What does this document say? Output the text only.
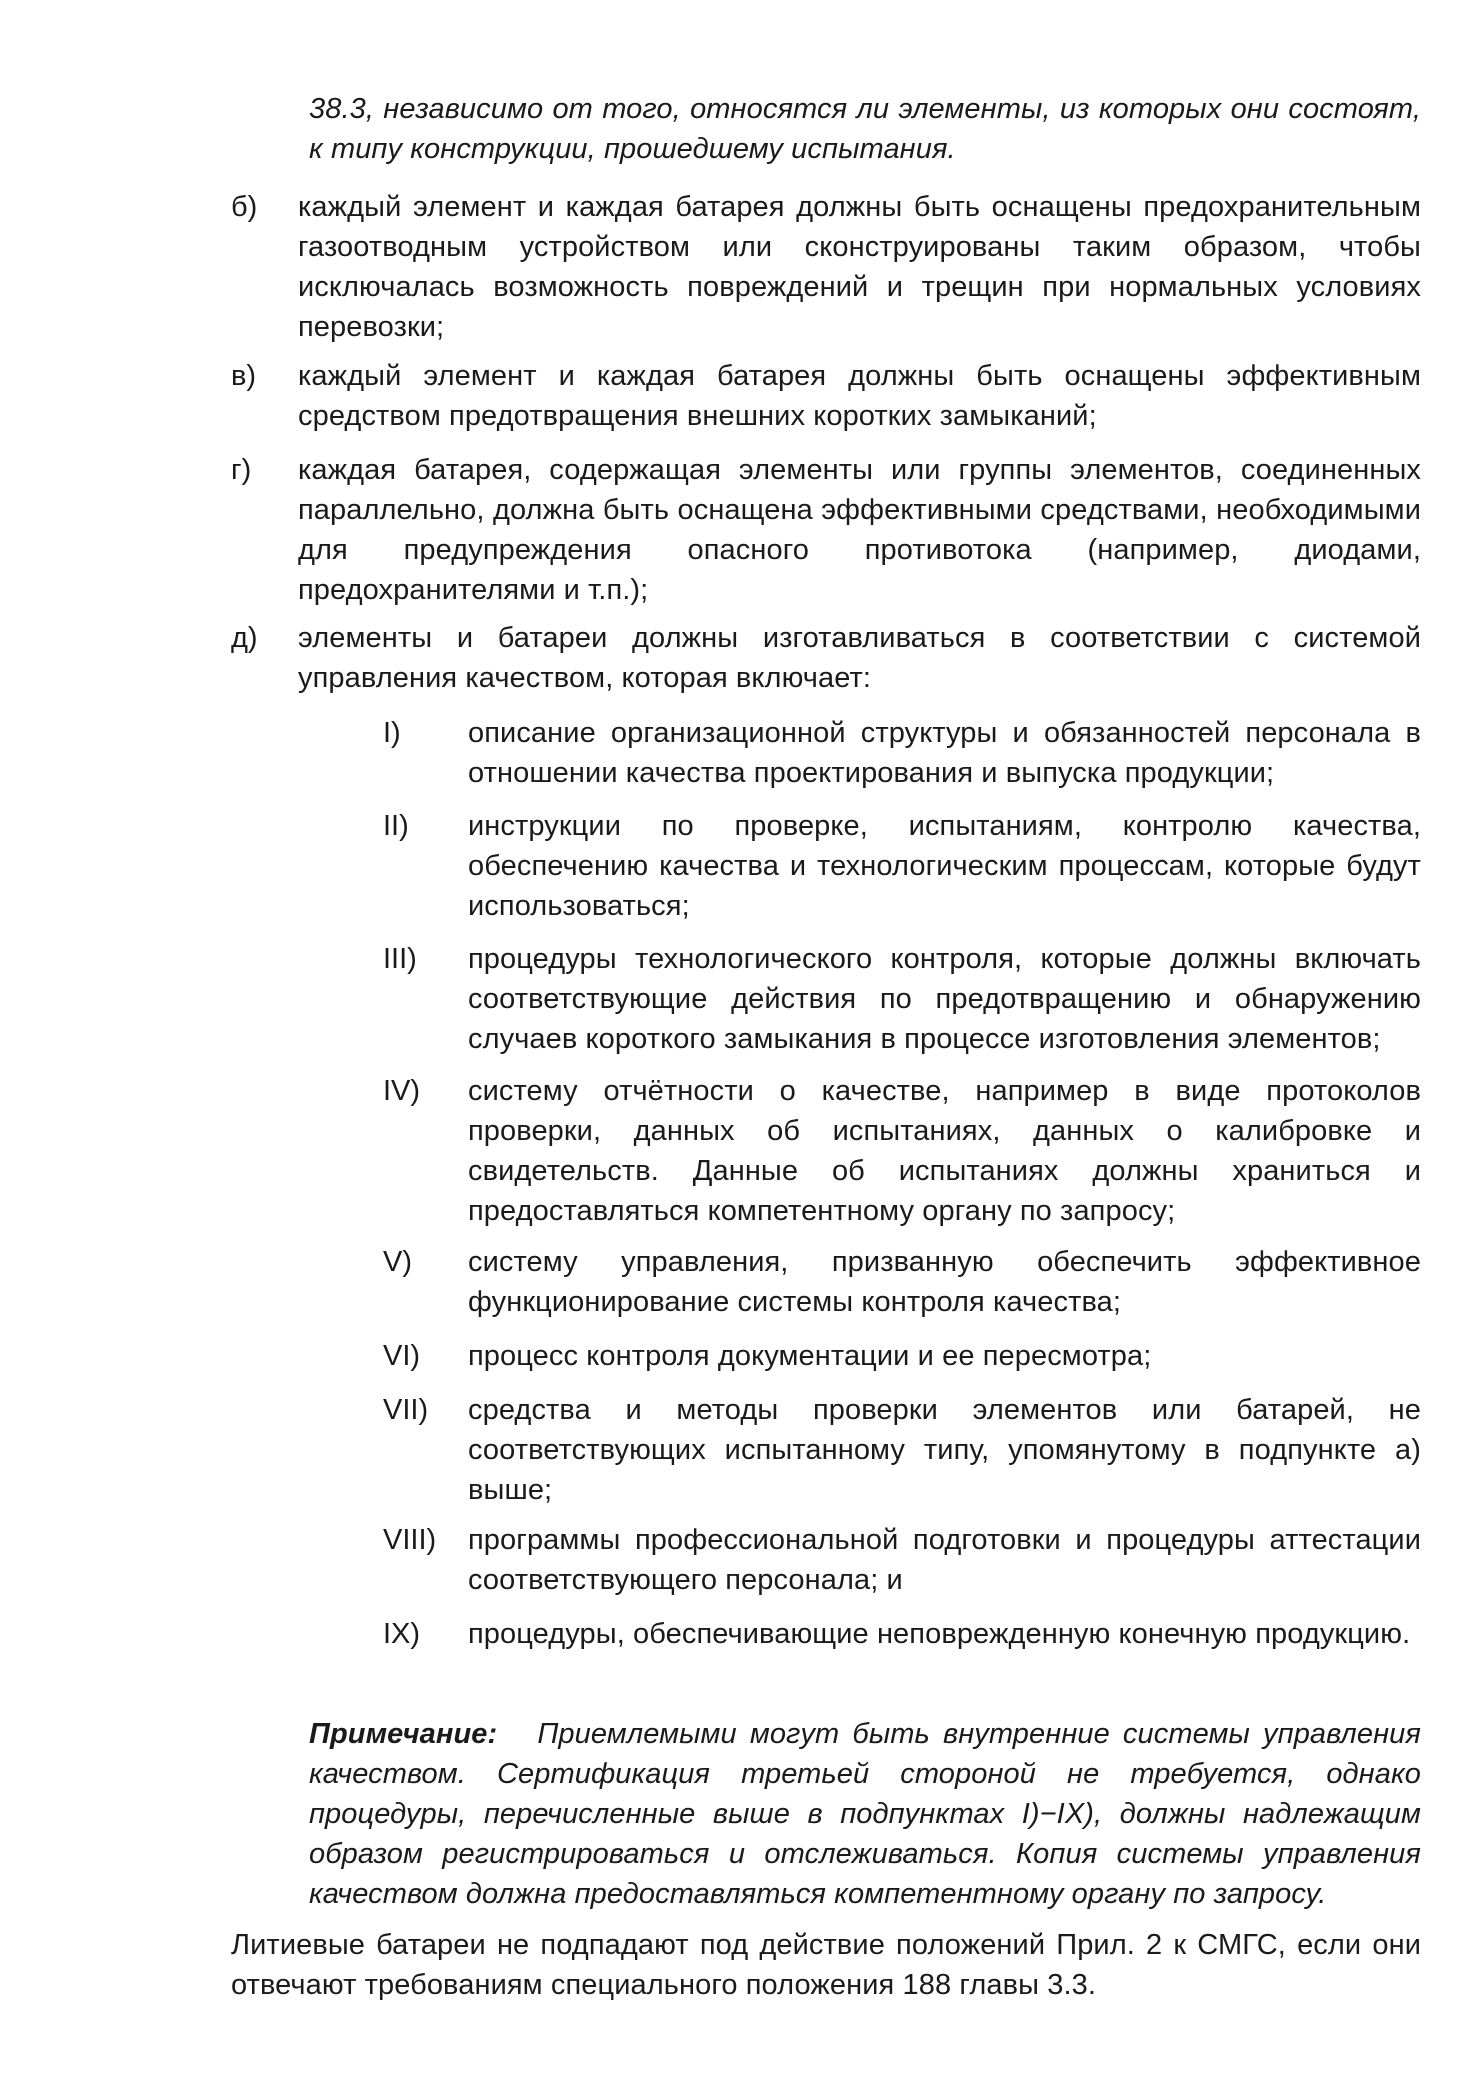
38.3, независимо от того, относятся ли элементы, из которых они состоят, к типу конструкции, прошедшему испытания.
б) каждый элемент и каждая батарея должны быть оснащены предохранительным газоотводным устройством или сконструированы таким образом, чтобы исключалась возможность повреждений и трещин при нормальных условиях перевозки;
в) каждый элемент и каждая батарея должны быть оснащены эффективным средством предотвращения внешних коротких замыканий;
г) каждая батарея, содержащая элементы или группы элементов, соединенных параллельно, должна быть оснащена эффективными средствами, необходимыми для предупреждения опасного противотока (например, диодами, предохранителями и т.п.);
д) элементы и батареи должны изготавливаться в соответствии с системой управления качеством, которая включает:
I) описание организационной структуры и обязанностей персонала в отношении качества проектирования и выпуска продукции;
II) инструкции по проверке, испытаниям, контролю качества, обеспечению качества и технологическим процессам, которые будут использоваться;
III) процедуры технологического контроля, которые должны включать соответствующие действия по предотвращению и обнаружению случаев короткого замыкания в процессе изготовления элементов;
IV) систему отчётности о качестве, например в виде протоколов проверки, данных об испытаниях, данных о калибровке и свидетельств. Данные об испытаниях должны храниться и предоставляться компетентному органу по запросу;
V) систему управления, призванную обеспечить эффективное функционирование системы контроля качества;
VI) процесс контроля документации и ее пересмотра;
VII) средства и методы проверки элементов или батарей, не соответствующих испытанному типу, упомянутому в подпункте а) выше;
VIII) программы профессиональной подготовки и процедуры аттестации соответствующего персонала; и
IX) процедуры, обеспечивающие неповрежденную конечную продукцию.
Примечание: Приемлемыми могут быть внутренние системы управления качеством. Сертификация третьей стороной не требуется, однако процедуры, перечисленные выше в подпунктах I)−IX), должны надлежащим образом регистрироваться и отслеживаться. Копия системы управления качеством должна предоставляться компетентному органу по запросу.
Литиевые батареи не подпадают под действие положений Прил. 2 к СМГС, если они отвечают требованиям специального положения 188 главы 3.3.
